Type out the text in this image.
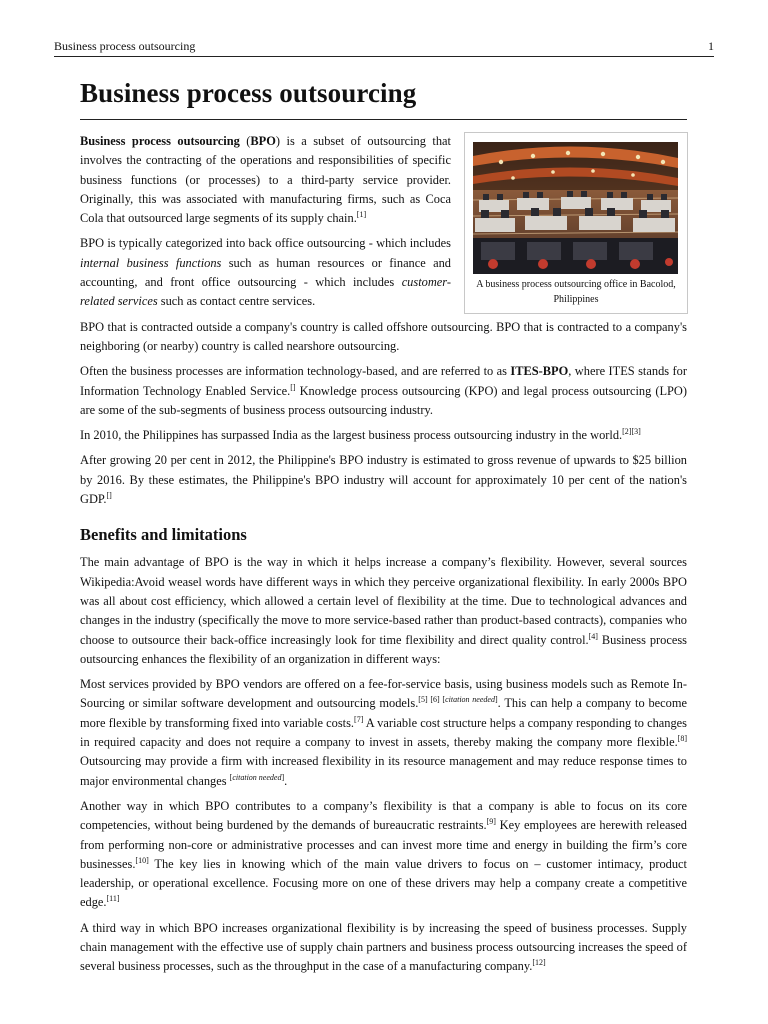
Business process outsourcing	1
Business process outsourcing
A business process outsourcing office in Bacolod, Philippines

Business process outsourcing (BPO) is a subset of outsourcing that involves the contracting of the operations and responsibilities of specific business functions (or processes) to a third-party service provider. Originally, this was associated with manufacturing firms, such as Coca Cola that outsourced large segments of its supply chain.[1]

BPO is typically categorized into back office outsourcing - which includes internal business functions such as human resources or finance and accounting, and front office outsourcing - which includes customer-related services such as contact centre services.

BPO that is contracted outside a company's country is called offshore outsourcing. BPO that is contracted to a company's neighboring (or nearby) country is called nearshore outsourcing.

Often the business processes are information technology-based, and are referred to as ITES-BPO, where ITES stands for Information Technology Enabled Service.[] Knowledge process outsourcing (KPO) and legal process outsourcing (LPO) are some of the sub-segments of business process outsourcing industry.

In 2010, the Philippines has surpassed India as the largest business process outsourcing industry in the world.[2][3]

After growing 20 per cent in 2012, the Philippine's BPO industry is estimated to gross revenue of upwards to $25 billion by 2016. By these estimates, the Philippine's BPO industry will account for approximately 10 per cent of the nation's GDP.[]

Benefits and limitations

The main advantage of BPO is the way in which it helps increase a company’s flexibility. However, several sources Wikipedia:Avoid weasel words have different ways in which they perceive organizational flexibility. In early 2000s BPO was all about cost efficiency, which allowed a certain level of flexibility at the time. Due to technological advances and changes in the industry (specifically the move to more service-based rather than product-based contracts), companies who choose to outsource their back-office increasingly look for time flexibility and direct quality control.[4] Business process outsourcing enhances the flexibility of an organization in different ways:

Most services provided by BPO vendors are offered on a fee-for-service basis, using business models such as Remote In-Sourcing or similar software development and outsourcing models.[5] [6] [citation needed]. This can help a company to become more flexible by transforming fixed into variable costs.[7] A variable cost structure helps a company responding to changes in required capacity and does not require a company to invest in assets, thereby making the company more flexible.[8] Outsourcing may provide a firm with increased flexibility in its resource management and may reduce response times to major environmental changes [citation needed].

Another way in which BPO contributes to a company’s flexibility is that a company is able to focus on its core competencies, without being burdened by the demands of bureaucratic restraints.[9] Key employees are herewith released from performing non-core or administrative processes and can invest more time and energy in building the firm’s core businesses.[10] The key lies in knowing which of the main value drivers to focus on – customer intimacy, product leadership, or operational excellence. Focusing more on one of these drivers may help a company create a competitive edge.[11]

A third way in which BPO increases organizational flexibility is by increasing the speed of business processes. Supply chain management with the effective use of supply chain partners and business process outsourcing increases the speed of several business processes, such as the throughput in the case of a manufacturing company.[12]
